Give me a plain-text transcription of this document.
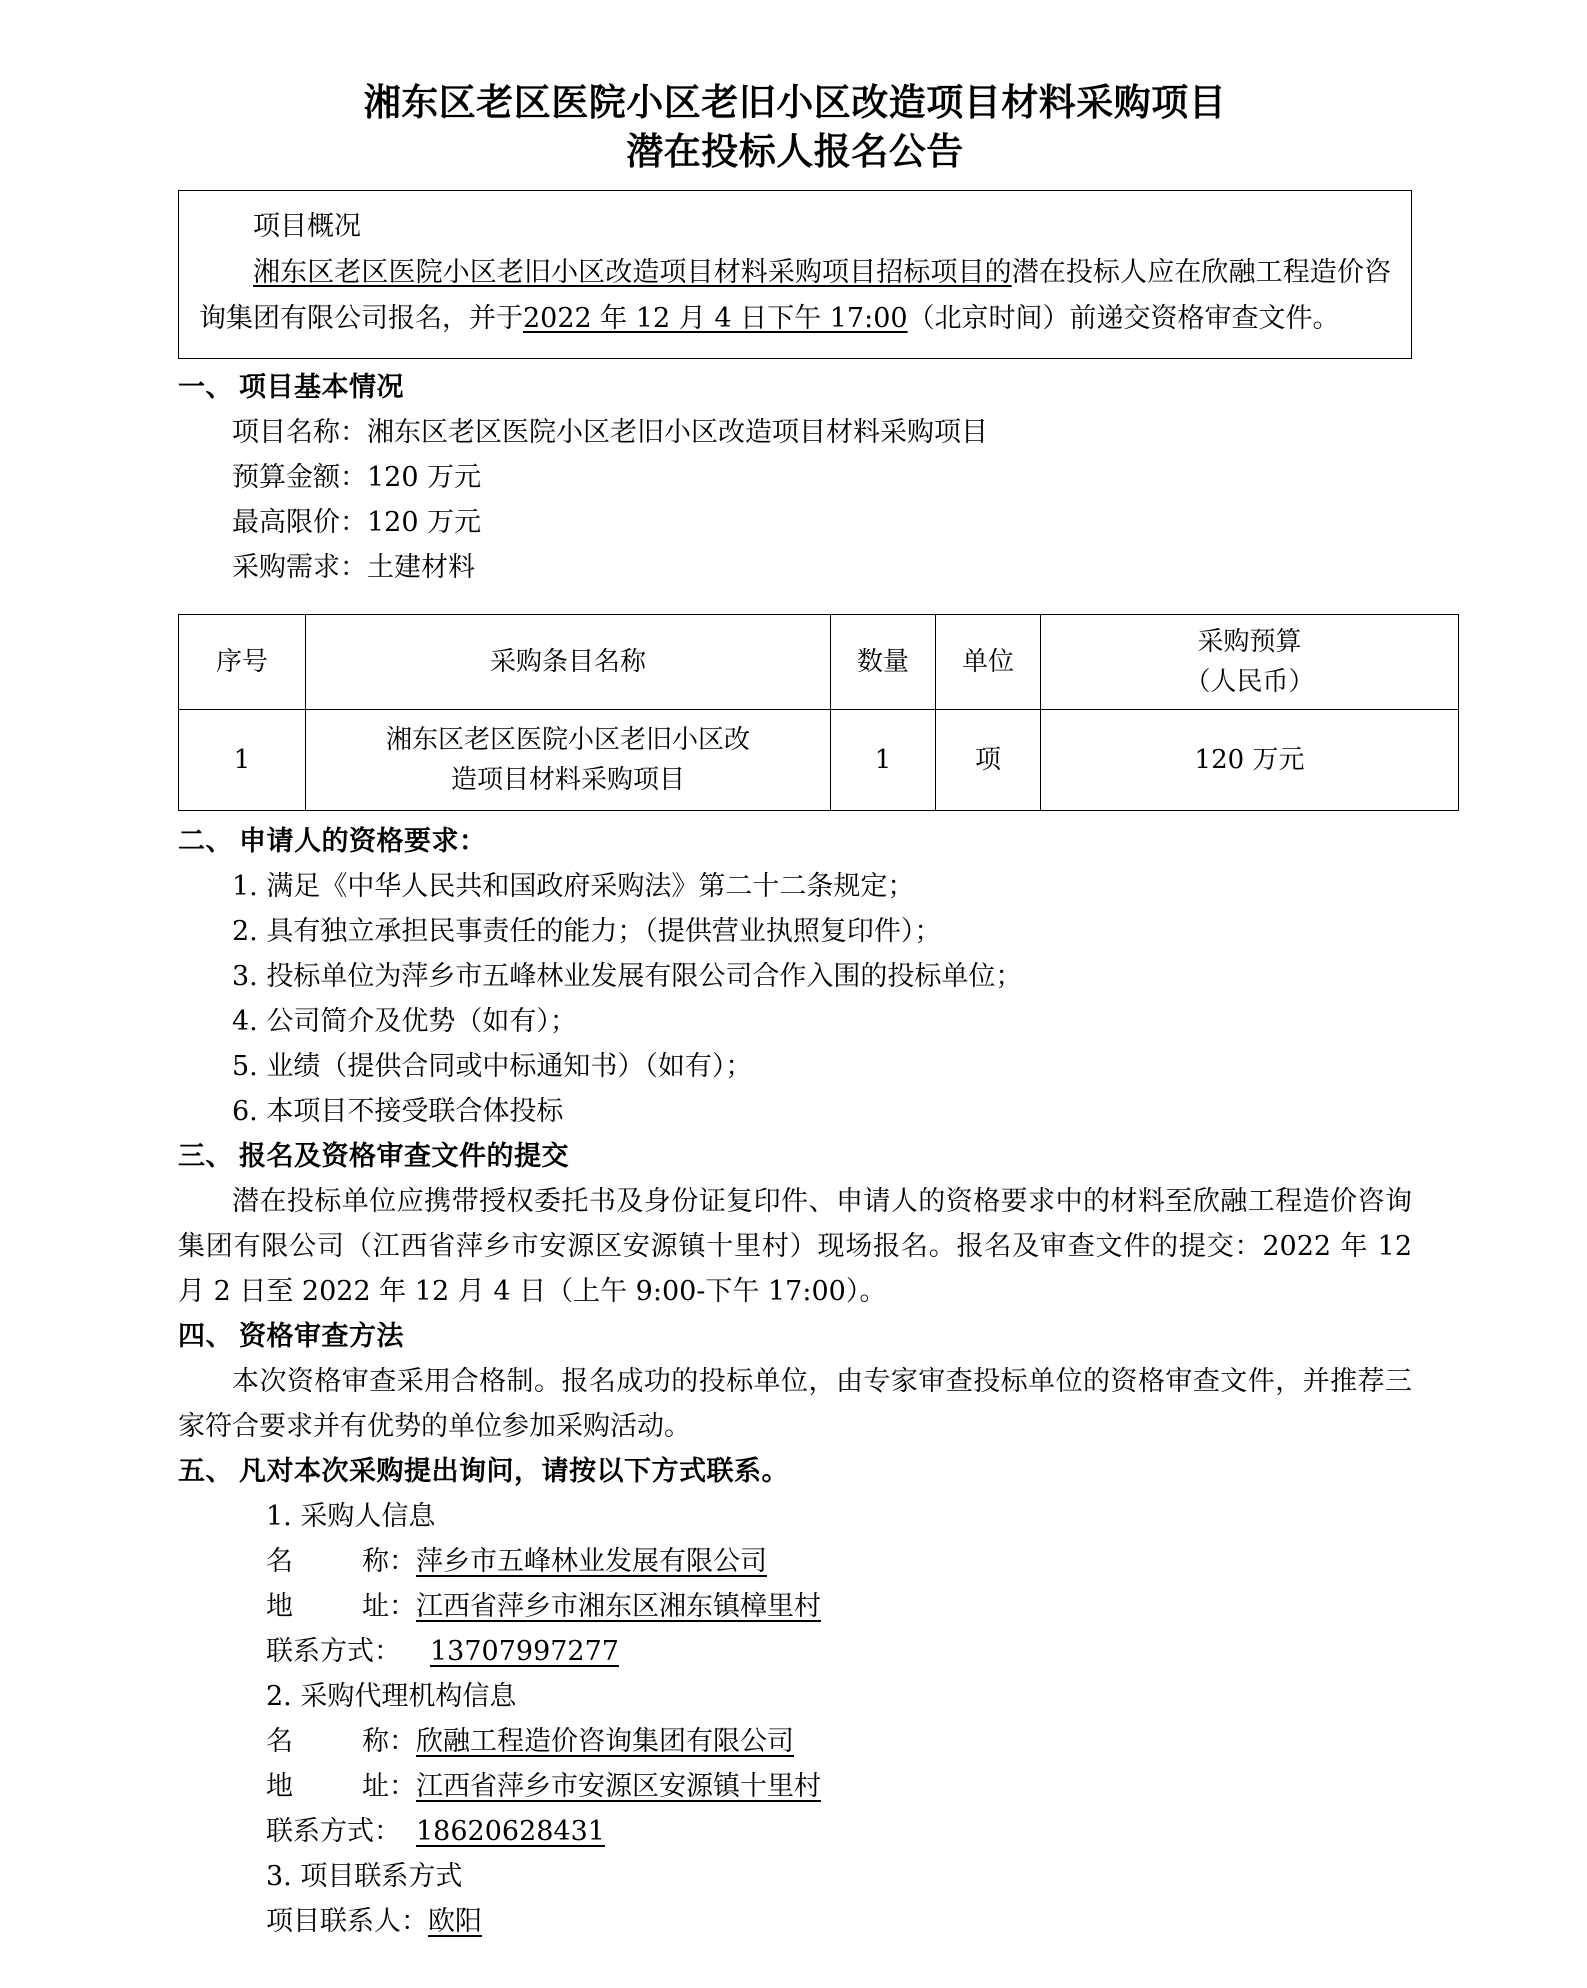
湘东区老区医院小区老旧小区改造项目材料采购项目
潜在投标人报名公告
项目概况
湘东区老区医院小区老旧小区改造项目材料采购项目招标项目的潜在投标人应在欣融工程造价咨询集团有限公司报名，并于2022 年 12 月 4 日下午 17:00（北京时间）前递交资格审查文件。
一、 项目基本情况
项目名称：湘东区老区医院小区老旧小区改造项目材料采购项目
预算金额：120 万元
最高限价：120 万元
采购需求：土建材料
序号	采购条目名称	数量	单位	采购预算
（人民币）

1	湘东区老区医院小区老旧小区改
造项目材料采购项目	1	项	120 万元
二、 申请人的资格要求：
1. 满足《中华人民共和国政府采购法》第二十二条规定；
2. 具有独立承担民事责任的能力；（提供营业执照复印件）；
3. 投标单位为萍乡市五峰林业发展有限公司合作入围的投标单位；
4. 公司简介及优势（如有）；
5. 业绩（提供合同或中标通知书）（如有）；
6. 本项目不接受联合体投标
三、 报名及资格审查文件的提交
潜在投标单位应携带授权委托书及身份证复印件、申请人的资格要求中的材料至欣融工程造价咨询集团有限公司（江西省萍乡市安源区安源镇十里村）现场报名。报名及审查文件的提交：2022 年 12 月 2 日至 2022 年 12 月 4 日（上午 9:00-下午 17:00）。
四、 资格审查方法
本次资格审查采用合格制。报名成功的投标单位，由专家审查投标单位的资格审查文件，并推荐三家符合要求并有优势的单位参加采购活动。
五、 凡对本次采购提出询问，请按以下方式联系。
1. 采购人信息
名	称： 萍乡市五峰林业发展有限公司
地	址： 江西省萍乡市湘东区湘东镇樟里村
联系方式： 13707997277
2. 采购代理机构信息
名	称： 欣融工程造价咨询集团有限公司
地	址： 江西省萍乡市安源区安源镇十里村
联系方式： 18620628431
3. 项目联系方式
项目联系人：欧阳
